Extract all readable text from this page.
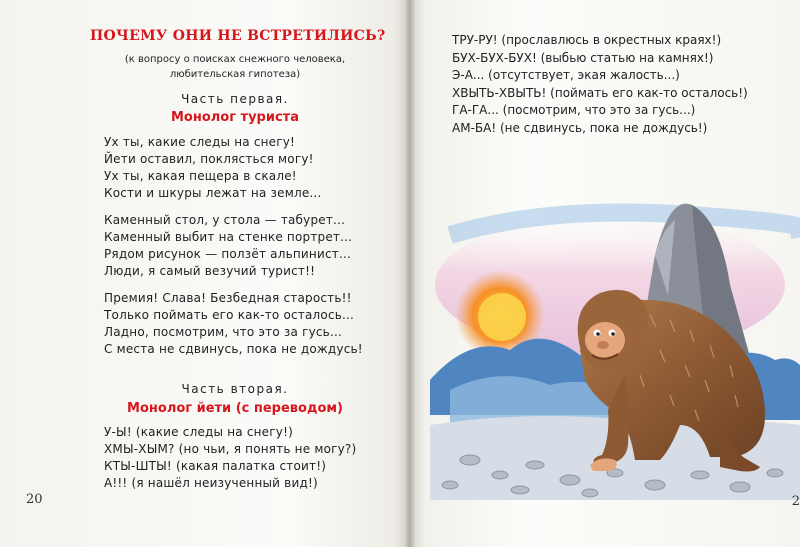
ПОЧЕМУ ОНИ НЕ ВСТРЕТИЛИСЬ?
(к вопросу о поисках снежного человека,
любительская гипотеза)
Часть первая.
Монолог туриста
Ух ты, какие следы на снегу!
Йети оставил, поклясться могу!
Ух ты, какая пещера в скале!
Кости и шкуры лежат на земле...
Каменный стол, у стола — табурет...
Каменный выбит на стенке портрет...
Рядом рисунок — ползёт альпинист...
Люди, я самый везучий турист!!
Премия! Слава! Безбедная старость!!
Только поймать его как-то осталось...
Ладно, посмотрим, что это за гусь...
С места не сдвинусь, пока не дождусь!
Часть вторая.
Монолог йети (с переводом)
У-Ы! (какие следы на снегу!)
ХМЫ-ХЫМ? (но чьи, я понять не могу?)
КТЫ-ШТЫ! (какая палатка стоит!)
А!!! (я нашёл неизученный вид!)
20
ТРУ-РУ! (прославлюсь в окрестных краях!)
БУХ-БУХ-БУХ! (выбью статью на камнях!)
Э-А... (отсутствует, экая жалость...)
ХВЫТЬ-ХВЫТЬ! (поймать его как-то осталось!)
ГА-ГА... (посмотрим, что это за гусь...)
АМ-БА! (не сдвинусь, пока не дождусь!)
2
